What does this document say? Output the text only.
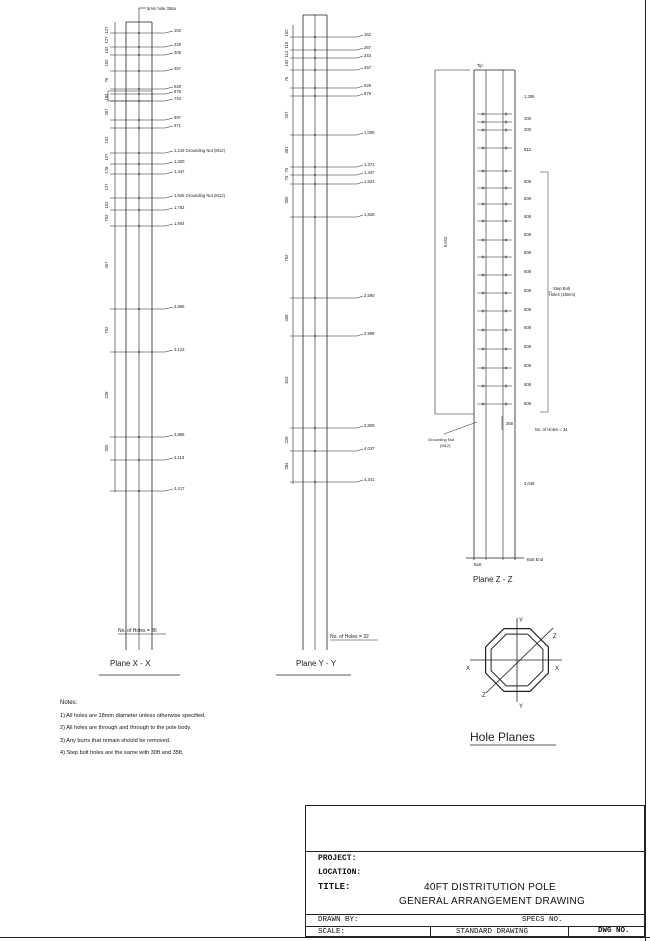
5mm hole 356a
102
229
305
457
628
675
743
897
971
1,219 Grounding Nut (M12)
1,320
1,447
1,625 Grounding Nut (M12)
1,752
1,904
2,666
3,123
3,885
4,113
4,417
127
127
152
152
76
184
267
102
127
178
127
152
762
457
762
228
305
No. of Holes = 36
Plane X - X
152
267
343
457
628
679
1,005
1,371
1,447
1,523
1,828
2,590
2,999
3,809
4,037
4,341
152
115
114
152
76
267
381
76
76
305
762
458
813
228
284
No. of Holes = 32
Plane Y - Y
Tip
1,359
300
200
612
508
508
508
508
508
508
508
508
508
508
508
508
508
Step Bolt
Holes (18mm)
9,652
No. of Holes = 34
Grounding Nut
(M12)
268
3,048
Butt
Butt End
Plane Z - Z
Y
Y
X	X
Z
Z
Hole Planes
Notes:
1) All holes are 18mm diameter unless otherwise specified.
2) All holes are through and through to the pole body.
3) Any burrs that remain should be removed.
4) Step bolt holes are the same with 30ft and 35ft.
PROJECT:
LOCATION:
TITLE:	40FT DISTRITUTION POLE
GENERAL ARRANGEMENT DRAWING
DRAWN BY:	SPECS NO.
SCALE:	STANDARD DRAWING	DWG NO.
